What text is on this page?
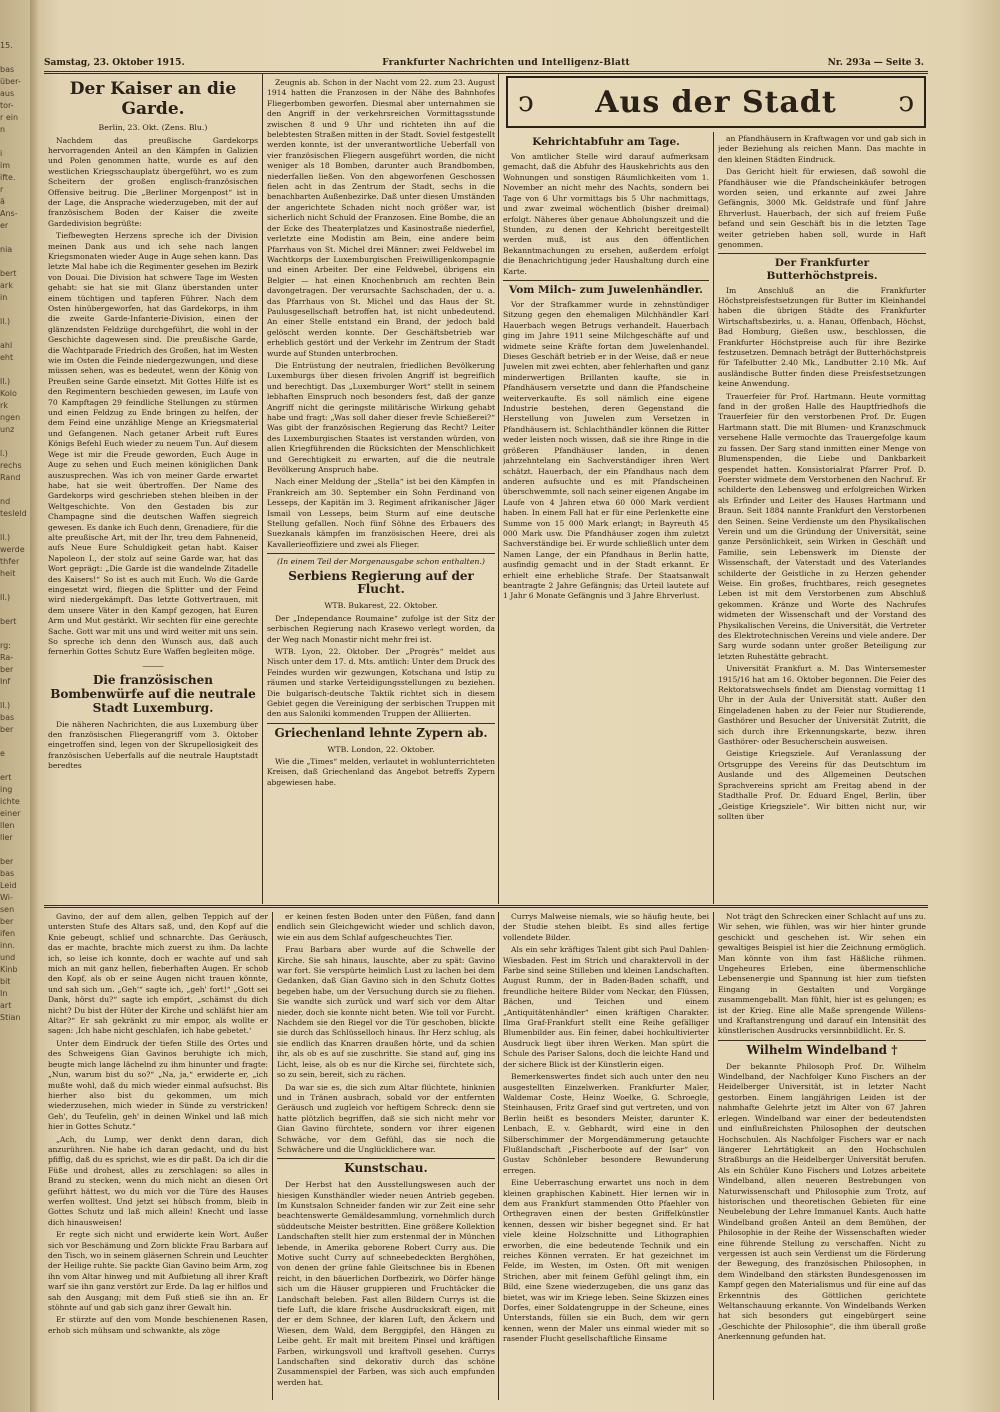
15.

bas
über-
aus
tor-
r ein
n

i
im
ifte.
r
ä
Ans-
er

nia

bert
ark
in

ll.)

ahl
eht

ll.)
Kolo
rk
ngen
unz

l.)
rechs
Rand

nd
tesleld

ll.)
werde
thfer
heit

ll.)

bert

rg:
Ra-
ber
Inf

ll.)
bas
ber

e

ert
ing
ichte
einer
llen
ller

ber
bas
Leid
Wi-
sen
ber
ifen
inn.
und
Kinb
bit
In
art
Stian
Samstag, 23. Oktober 1915.	Frankfurter Nachrichten und Intelligenz-Blatt	Nr. 293a — Seite 3.
Der Kaiser an die Garde.
Berlin, 23. Okt. (Zens. Blu.)

Nachdem das preußische Gardekorps hervorragenden Anteil an den Kämpfen in Galizien und Polen genommen hatte, wurde es auf den westlichen Kriegsschauplatz übergeführt, wo es zum Scheitern der großen englisch-französischen Offensive beitrug. Die „Berliner Morgenpost“ ist in der Lage, die Ansprache wiederzugeben, mit der auf französischem Boden der Kaiser die zweite Gardedivision begrüßte:

Tiefbewegten Herzens spreche ich der Division meinen Dank aus und ich sehe nach langen Kriegsmonaten wieder Auge in Auge sehen kann. Das letzte Mal habe ich die Regimenter gesehen im Bezirk von Douai. Die Division hat schwere Tage im Westen gehabt: sie hat sie mit Glanz überstanden unter einem tüchtigen und tapferen Führer. Nach dem Osten hinübergeworfen, hat das Gardekorps, in ihm die zweite Garde-Infanterie-Division, einen der glänzendsten Feldzüge durchgeführt, die wohl in der Geschichte dagewesen sind. Die preußische Garde, die Wachtparade Friedrich des Großen, hat im Westen wie im Osten die Feinde niedergezwungen, und diese müssen sehen, was es bedeutet, wenn der König von Preußen seine Garde einsetzt. Mit Gottes Hilfe ist es den Regimentern beschieden gewesen, im Laufe von 70 Kampftagen 29 feindliche Stellungen zu stürmen und einen Feldzug zu Ende bringen zu helfen, der dem Feind eine unzählige Menge an Kriegsmaterial und Gefangenen. Nach getaner Arbeit ruft Eures Königs Befehl Euch wieder zu neuem Tun. Auf diesem Wege ist mir die Freude geworden, Euch Auge in Auge zu sehen und Euch meinen königlichen Dank auszusprechen. Was ich von meiner Garde erwartet habe, hat sie weit übertroffen. Der Name des Gardekorps wird geschrieben stehen bleiben in der Weltgeschichte. Von den Gestaden bis zur Champagne sind die deutschen Waffen siegreich gewesen. Es danke ich Euch denn, Grenadiere, für die alte preußische Art, mit der Ihr, treu dem Fahneneid, aufs Neue Eure Schuldigkeit getan habt. Kaiser Napoleon I., der stolz auf seine Garde war, hat das Wort geprägt: „Die Garde ist die wandelnde Zitadelle des Kaisers!“ So ist es auch mit Euch. Wo die Garde eingesetzt wird, fliegen die Splitter und der Feind wird niedergekämpft. Das letzte Gottvertrauen, mit dem unsere Väter in den Kampf gezogen, hat Euren Arm und Mut gestärkt. Wir sechten für eine gerechte Sache. Gott war mit uns und wird weiter mit uns sein. So spreche ich denn den Wunsch aus, daß auch fernerhin Gottes Schutz Eure Waffen begleiten möge.

―――
Die französischen Bombenwürfe auf die neutrale Stadt Luxemburg.

Die näheren Nachrichten, die aus Luxemburg über den französischen Fliegerangriff vom 3. Oktober eingetroffen sind, legen von der Skrupellosigkeit des französischen Ueberfalls auf die neutrale Hauptstadt beredtes

Zeugnis ab. Schon in der Nacht vom 22. zum 23. August 1914 hatten die Franzosen in der Nähe des Bahnhofes Fliegerbomben geworfen. Diesmal aber unternahmen sie den Angriff in der verkehrsreichen Vormittagsstunde zwischen 8 und 9 Uhr und richteten ihn auf die belebtesten Straßen mitten in der Stadt. Soviel festgestellt werden konnte, ist der unverantwortliche Ueberfall von vier französischen Fliegern ausgeführt worden, die nicht weniger als 18 Bomben, darunter auch Brandbomben, niederfallen ließen. Von den abgeworfenen Geschossen fielen acht in das Zentrum der Stadt, sechs in die benachbarten Außenbezirke. Daß unter diesen Umständen der angerichtete Schaden nicht noch größer war, ist sicherlich nicht Schuld der Franzosen. Eine Bombe, die an der Ecke des Theaterplatzes und Kasinostraße niederfiel, verletzte eine Modistin am Bein, eine andere beim Pfarrhaus von St. Michel drei Männer: zwei Feldwebel im Wachtkorps der Luxemburgischen Freiwilligenkompagnie und einen Arbeiter. Der eine Feldwebel, übrigens ein Belgier — hat einen Knochenbruch am rechten Bein davongetragen. Der verursachte Sachschaden, der u. a. das Pfarrhaus von St. Michel und das Haus der St. Paulusgesellschaft betroffen hat, ist nicht unbedeutend. An einer Stelle entstand ein Brand, der jedoch bald gelöscht werden konnte. Der Geschäftsbetrieb war erheblich gestört und der Verkehr im Zentrum der Stadt wurde auf Stunden unterbrochen.

Die Entrüstung der neutralen, friedlichen Bevölkerung Luxemburgs über diesen frivolen Angriff ist begreiflich und berechtigt. Das „Luxemburger Wort“ stellt in seinem lebhaften Einspruch noch besonders fest, daß der ganze Angriff nicht die geringste militärische Wirkung gehabt habe und fragt: „Was soll daher dieser frevle Schießerei?“ Was gibt der französischen Regierung das Recht? Leiter des Luxemburgischen Staates ist verstanden würden, von allen Kriegführenden die Rücksichten der Menschlichkeit und Gerechtigkeit zu erwarten, auf die die neutrale Bevölkerung Anspruch habe.

Nach einer Meldung der „Stella“ ist bei den Kämpfen in Frankreich am 30. September ein Sohn Ferdinand von Lesseps, der Kapitän im 3. Regiment afrikanischer Jäger Ismail von Lesseps, beim Sturm auf eine deutsche Stellung gefallen. Noch fünf Söhne des Erbauers des Suezkanals kämpfen im französischen Heere, drei als Kavallerieoffiziere und zwei als Flieger.

(In einem Teil der Morgenausgabe schon enthalten.)
Serbiens Regierung auf der Flucht.
WTB. Bukarest, 22. Oktober.

Der „Independance Roumaine“ zufolge ist der Sitz der serbischen Regierung nach Krasewo verlegt worden, da der Weg nach Monastir nicht mehr frei ist.

WTB. Lyon, 22. Oktober. Der „Progrès“ meldet aus Nisch unter dem 17. d. Mts. amtlich: Unter dem Druck des Feindes wurden wir gezwungen, Kotschana und Istip zu räumen und starke Verteidigungsstellungen zu beziehen. Die bulgarisch-deutsche Taktik richtet sich in diesem Gebiet gegen die Vereinigung der serbischen Truppen mit den aus Saloniki kommenden Truppen der Alliierten.

Griechenland lehnte Zypern ab.
WTB. London, 22. Oktober.

Wie die „Times“ melden, verlautet in wohlunterrichteten Kreisen, daß Griechenland das Angebot betreffs Zypern abgewiesen habe.

ↄ Aus der Stadt ↄ
Kehrichtabfuhr am Tage.

Von amtlicher Stelle wird darauf aufmerksam gemacht, daß die Abfuhr des Hauskehrichts aus den Wohnungen und sonstigen Räumlichkeiten vom 1. November an nicht mehr des Nachts, sondern bei Tage von 6 Uhr vormittags bis 5 Uhr nachmittags, und zwar zweimal wöchentlich (bisher dreimal) erfolgt. Näheres über genaue Abholungszeit und die Stunden, zu denen der Kehricht bereitgestellt werden muß, ist aus den öffentlichen Bekanntmachungen zu ersehen, außerdem erfolgt die Benachrichtigung jeder Haushaltung durch eine Karte.

Vom Milch- zum Juwelenhändler.

Vor der Strafkammer wurde in zehnstündiger Sitzung gegen den ehemaligen Milchhändler Karl Hauerbach wegen Betrugs verhandelt. Hauerbach ging im Jahre 1911 seine Milchgeschäfte auf und widmete seine Kräfte fortan dem Juwelenhandel. Dieses Geschäft betrieb er in der Weise, daß er neue Juwelen mit zwei echten, aber fehlerhaften und ganz minderwertigen Brillanten kaufte, sie in Pfandhäusern versetzte und dann die Pfandscheine weiterverkaufte. Es soll nämlich eine eigene Industrie bestehen, deren Gegenstand die Herstellung von Juwelen zum Versetzen in Pfandhäusern ist. Schlachthändler können die Ritter weder leisten noch wissen, daß sie ihre Ringe in die größeren Pfandhäuser landen, in denen jahrzehntelang ein Sachverständiger ihren Wert schätzt. Hauerbach, der ein Pfandhaus nach dem anderen aufsuchte und es mit Pfandscheinen überschwemmte, soll nach seiner eigenen Angabe im Laufe von 4 Jahren etwa 60 000 Mark verdient haben. In einem Fall hat er für eine Perlenkette eine Summe von 15 000 Mark erlangt; in Bayreuth 45 000 Mark usw. Die Pfandhäuser zogen ihm zuletzt Sachverständige bei. Er wurde schließlich unter dem Namen Lange, der ein Pfandhaus in Berlin hatte, ausfindig gemacht und in der Stadt erkannt. Er erhielt eine erhebliche Strafe. Der Staatsanwalt beantragte 2 Jahre Gefängnis; das Urteil lautete auf 1 Jahr 6 Monate Gefängnis und 3 Jahre Ehrverlust.

an Pfandhäusern in Kraftwagen vor und gab sich in jeder Beziehung als reichen Mann. Das machte in den kleinen Städten Eindruck.

Das Gericht hielt für erwiesen, daß sowohl die Pfandhäuser wie die Pfandscheinkäufer betrogen worden seien, und erkannte auf zwei Jahre Gefängnis, 3000 Mk. Geldstrafe und fünf Jahre Ehrverlust. Hauerbach, der sich auf freiem Fuße befand und sein Geschäft bis in die letzten Tage weiter getrieben haben soll, wurde in Haft genommen.

Der Frankfurter Butterhöchstpreis.

Im Anschluß an die Frankfurter Höchstpreisfestsetzungen für Butter im Kleinhandel haben die übrigen Städte des Frankfurter Wirtschaftsbezirks, u. a. Hanau, Offenbach, Höchst, Bad Homburg, Gießen usw., beschlossen, die Frankfurter Höchstpreise auch für ihre Bezirke festzusetzen. Demnach beträgt der Butterhöchstpreis für Tafelbutter 2.40 Mk., Landbutter 2.10 Mk. Auf ausländische Butter finden diese Preisfestsetzungen keine Anwendung.

Trauerfeier für Prof. Hartmann. Heute vormittag fand in der großen Halle des Hauptfriedhofs die Trauerfeier für den verstorbenen Prof. Dr. Eugen Hartmann statt. Die mit Blumen- und Kranzschmuck versehene Halle vermochte das Trauergefolge kaum zu fassen. Der Sarg stand inmitten einer Menge von Blumenspenden, die Liebe und Dankbarkeit gespendet hatten. Konsistorialrat Pfarrer Prof. D. Foerster widmete dem Verstorbenen den Nachruf. Er schilderte den Lebensweg und erfolgreichen Wirken als Erfinder und Leiter des Hauses Hartmann und Braun. Seit 1884 nannte Frankfurt den Verstorbenen den Seinen. Seine Verdienste um den Physikalischen Verein und um die Gründung der Universität, seine ganze Persönlichkeit, sein Wirken in Geschäft und Familie, sein Lebenswerk im Dienste der Wissenschaft, der Vaterstadt und des Vaterlandes schilderte der Geistliche in zu Herzen gehender Weise. Ein großes, fruchtbares, reich gesegnetes Leben ist mit dem Verstorbenen zum Abschluß gekommen. Kränze und Worte des Nachrufes widmeten der Wissenschaft und der Vorstand des Physikalischen Vereins, die Universität, die Vertreter des Elektrotechnischen Vereins und viele andere. Der Sarg wurde sodann unter großer Beteiligung zur letzten Ruhestätte gebracht.

Universität Frankfurt a. M. Das Wintersemester 1915/16 hat am 16. Oktober begonnen. Die Feier des Rektoratswechsels findet am Dienstag vormittag 11 Uhr in der Aula der Universität statt. Außer den Eingeladenen haben zu der Feier nur Studierende, Gasthörer und Besucher der Universität Zutritt, die sich durch ihre Erkennungskarte, bezw. ihren Gasthörer- oder Besucherschein ausweisen.

Geistige Kriegsziele. Auf Veranlassung der Ortsgruppe des Vereins für das Deutschtum im Auslande und des Allgemeinen Deutschen Sprachvereins spricht am Freitag abend in der Stadthalle Prof. Dr. Eduard Engel, Berlin, über „Geistige Kriegsziele“. Wir bitten nicht nur, wir sollten über

Gavino, der auf dem allen, gelben Teppich auf der untersten Stufe des Altars saß, und, den Kopf auf die Knie gebeugt, schlief und schnarchte. Das Geräusch, das er machte, brachte mich zuerst zu ihm. Da lachte ich, so leise ich konnte, doch er wachte auf und sah mich an mit ganz hellen, fieberhaften Augen. Er schob den Kopf, als ob er seine Augen nicht trauen könnte, und sah sich um. „Geh'“ sagte ich, „geh' fort!“ „Gott sei Dank, hörst du?“ sagte ich empört, „schämst du dich nicht? Du bist der Hüter der Kirche und schläfst hier am Altar?“ Er sah gekränkt zu mir empor, als wollte er sagen: ‚Ich habe nicht geschlafen, ich habe gebetet.‘

Unter dem Eindruck der tiefen Stille des Ortes und des Schweigens Gian Gavinos beruhigte ich mich, beugte mich lange lächelnd zu ihm hinunter und fragte: „Nun, warum bist du so?“ „Na, ja,“ erwiderte er, „ich mußte wohl, daß du mich wieder einmal aufsuchst. Bis hierher also bist du gekommen, um mich wiederzusehen, mich wieder in Sünde zu verstricken! Geh', du Teufelin, geh' in deinen Winkel und laß mich hier in Gottes Schutz.“

„Ach, du Lump, wer denkt denn daran, dich anzurühren. Nie habe ich daran gedacht, und du bist pfiffig, daß du es sprichst, wie es dir paßt. Da ich dir die Füße und drohest, alles zu zerschlagen: so alles in Brand zu stecken, wenn du mich nicht an diesen Ort geführt hättest, wo du mich vor die Türe des Hauses werfen wolltest. Und jetzt sei hübsch fromm, bleib in Gottes Schutz und laß mich allein! Knecht und lasse dich hinausweisen!

Er regte sich nicht und erwiderte kein Wort. Außer sich vor Beschämung und Zorn blickte Frau Barbara auf den Tisch, wo in seinem gläsernen Schrein und Leuchter der Heilige ruhte. Sie packte Gian Gavino beim Arm, zog ihn vom Altar hinweg und mit Aufbietung all ihrer Kraft warf sie ihn ganz verstört zur Erde. Da lag er hilflos und sah den Ausgang; mit dem Fuß stieß sie ihn an. Er stöhnte auf und gab sich ganz ihrer Gewalt hin.

Er stürzte auf den vom Monde beschienenen Rasen, erhob sich mühsam und schwankte, als zöge

er keinen festen Boden unter den Füßen, fand dann endlich sein Gleichgewicht wieder und schlich davon, wie ein aus dem Schlaf aufgescheuchtes Tier.

Frau Barbara aber wurde auf die Schwelle der Kirche. Sie sah hinaus, lauschte, aber zu spät: Gavino war fort. Sie verspürte heimlich Lust zu lachen bei dem Gedanken, daß Gian Gavino sich in den Schutz Gottes begeben habe, um der Versuchung durch sie zu fliehen. Sie wandte sich zurück und warf sich vor dem Altar nieder, doch sie konnte nicht beten. Wie toll vor Furcht. Nachdem sie den Riegel vor die Tür geschoben, blickte sie durch das Schlüsselloch hinaus. Ihr Herz schlug, als sie endlich das Knarren draußen hörte, und da schien ihr, als ob es auf sie zuschritte. Sie stand auf, ging ins Licht, leise, als ob es nur die Kirche sei, fürchtete sich, so zu sein, bereit, sich zu rächen.

Da war sie es, die sich zum Altar flüchtete, hinknien und in Tränen ausbrach, sobald vor der entfernten Geräusch und zugleich vor heftigem Schreck: denn sie hatte plötzlich begriffen, daß sie sich nicht mehr vor Gian Gavino fürchtete, sondern vor ihrer eigenen Schwäche, vor dem Gefühl, das sie noch die Schwächere und die Unglücklichere war.

Kunstschau.

Der Herbst hat den Ausstellungswesen auch der hiesigen Kunsthändler wieder neuen Antrieb gegeben. Im Kunstsalon Schneider fanden wir zur Zeit eine sehr beachtenswerte Gemäldesammlung, vornehmlich durch süddeutsche Meister bestritten. Eine größere Kollektion Landschaften stellt hier zum erstenmal der in München lebende, in Amerika geborene Robert Curry aus. Die Motive sucht Curry auf schneebedeckten Berghöhen, von denen der grüne fahle Gleitschnee bis in Ebenen reicht, in den bäuerlichen Dorfbezirk, wo Dörfer hänge sich um die Häuser gruppieren und Fruchtäcker die Landschaft beleben. Fast allen Bildern Currys ist die tiefe Luft, die klare frische Ausdruckskraft eigen, mit der er dem Schnee, der klaren Luft, den Äckern und Wiesen, dem Wald, dem Berggipfel, den Hängen zu Leibe geht. Er malt mit breitem Pinsel und kräftigen Farben, wirkungsvoll und kraftvoll gesehen. Currys Landschaften sind dekorativ durch das schöne Zusammenspiel der Farben, was sich auch empfunden werden hat.

Currys Malweise niemals, wie so häufig heute, bei der Studie stehen bleibt. Es sind alles fertige vollendete Bilder.

Als ein sehr kräftiges Talent gibt sich Paul Dahlen-Wiesbaden. Fest im Strich und charaktervoll in der Farbe sind seine Stilleben und kleinen Landschaften. August Rumm, der in Baden-Baden schafft, und freundliche heitere Bilder vom Neckar, den Flüssen, Bächen, und Teichen und einem „Antiquitätenhändler“ einen kräftigen Charakter. Ilma Graf-Frankfurt stellt eine Reihe gefälliger Blumenbilder aus. Ein feiner, dabei hochkultivierter Ausdruck liegt über ihren Werken. Man spürt die Schule des Pariser Salons, doch die leichte Hand und der sichere Blick ist der Künstlerin eigen.

Bemerkenswertes findet sich auch unter den neu ausgestellten Einzelwerken. Frankfurter Maler, Waldemar Coste, Heinz Woelke, G. Schroegle, Steinhausen, Fritz Graef sind gut vertreten, und von Berlin heißt es besonders Meister, darunter K. Lenbach, E. v. Gebhardt, wird eine in den Silberschimmer der Morgendämmerung getauchte Flußlandschaft „Fischerboote auf der Isar“ von Gustav Schönleber besondere Bewunderung erregen.

Eine Ueberraschung erwartet uns noch in dem kleinen graphischen Kabinett. Hier lernen wir in dem aus Frankfurt stammenden Otto Pfaehler von Orthegraven einen der besten Griffelkünstler kennen, dessen wir bisher begegnet sind. Er hat viele kleine Holzschnitte und Lithographien erworben, die eine bedeutende Technik und ein reiches Können verraten. Er hat gezeichnet im Felde, im Westen, im Osten. Oft mit wenigen Strichen, aber mit feinem Gefühl gelingt ihm, ein Bild, eine Szene wiederzugeben, die uns ganz das bietet, was wir im Kriege leben. Seine Skizzen eines Dorfes, einer Soldatengruppe in der Scheune, eines Unterstands, füllen sie ein Buch, dem wir gern kennen, wenn der Maler uns einmal wieder mit so rasender Flucht gesellschaftliche Einsame

Not trägt den Schrecken einer Schlacht auf uns zu. Wir sehen, wie fühlen, was wir hier hinter grunde geschickt und geschehen ist. Wir sehen ein gewaltiges Beispiel ist hier die Zeichnung ermöglich. Man könnte von ihm fast Häßliche rühmen. Ungeheures Erleben, eine übermenschliche Lebensenergie und Spannung ist hier zum tiefsten Eingang in Gestalten und Vorgänge zusammengeballt. Man fühlt, hier ist es gelungen; es ist der Krieg. Eine alle Maße sprengende Willens- und Kraftanstrengung und darauf ein Intensität des künstlerischen Ausdrucks versinnbildlicht. Er. S.

Wilhelm Windelband †

Der bekannte Philosoph Prof. Dr. Wilhelm Windelband, der Nachfolger Kuno Fischers an der Heidelberger Universität, ist in letzter Nacht gestorben. Einem langjährigen Leiden ist der nahmhafte Gelehrte jetzt im Alter von 67 Jahren erlegen. Windelband war einer der bedeutendsten und einflußreichsten Philosophen der deutschen Hochschulen. Als Nachfolger Fischers war er nach längerer Lehrtätigkeit an den Hochschulen Straßburgs an die Heidelberger Universität berufen. Als ein Schüler Kuno Fischers und Lotzes arbeitete Windelband, allen neueren Bestrebungen von Naturwissenschaft und Philosophie zum Trotz, auf historischen und theoretischen Gebieten für eine Neubelebung der Lehre Immanuel Kants. Auch hatte Windelband großen Anteil an dem Bemühen, der Philosophie in der Reihe der Wissenschaften wieder eine führende Stellung zu verschaffen. Nicht zu vergessen ist auch sein Verdienst um die Förderung der Bewegung, des französischen Philosophen, in dem Windelband den stärksten Bundesgenossen im Kampf gegen den Materialismus und für eine auf das Erkenntnis des Göttlichen gerichtete Weltanschauung erkannte. Von Windelbands Werken hat sich besonders gut eingebürgert seine „Geschichte der Philosophie“, die ihm überall große Anerkennung gefunden hat.
